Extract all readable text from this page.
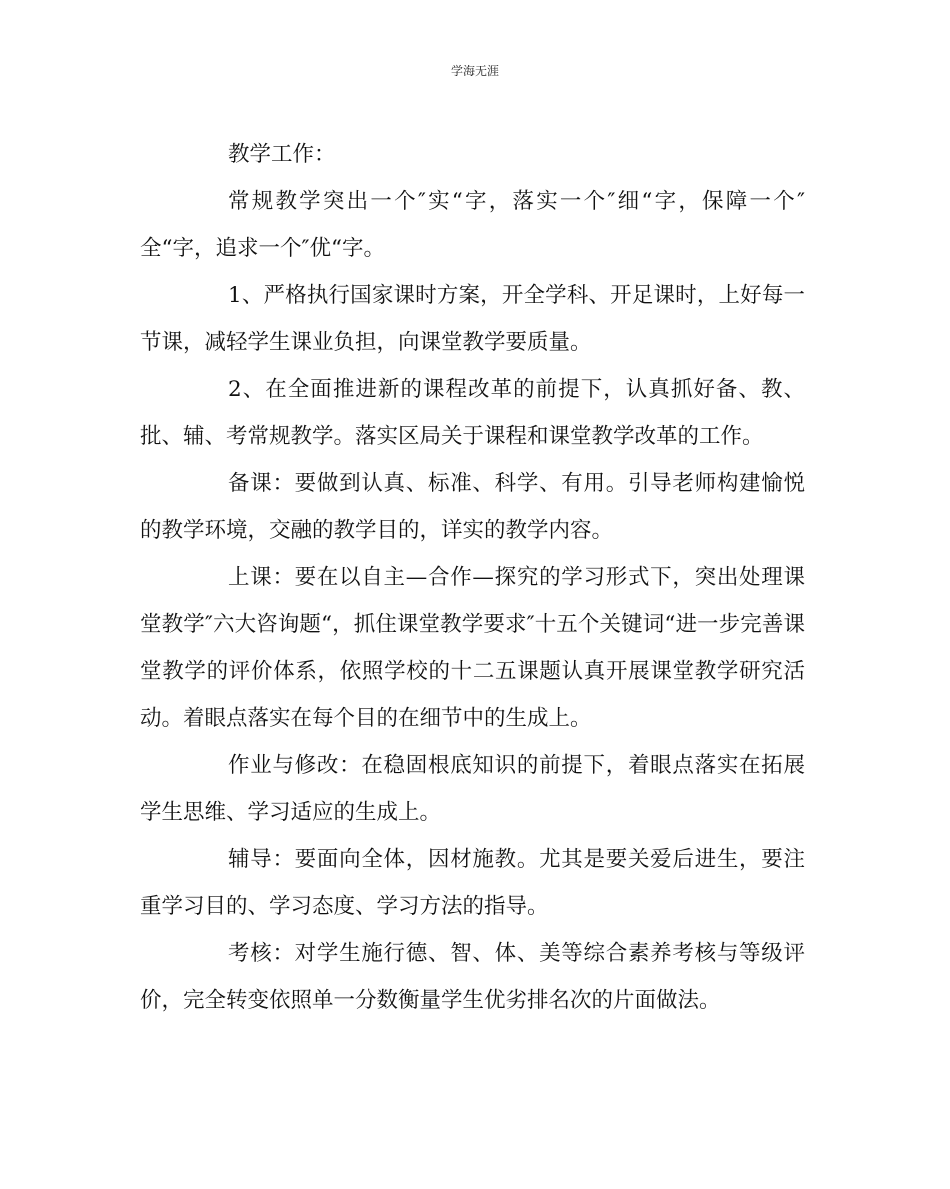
学海无涯

教学工作：

常规教学突出一个″实“字，落实一个″细“字，保障一个″全“字，追求一个″优“字。

1、严格执行国家课时方案，开全学科、开足课时，上好每一节课，减轻学生课业负担，向课堂教学要质量。

2、在全面推进新的课程改革的前提下，认真抓好备、教、批、辅、考常规教学。落实区局关于课程和课堂教学改革的工作。

备课：要做到认真、标准、科学、有用。引导老师构建愉悦的教学环境，交融的教学目的，详实的教学内容。

上课：要在以自主—合作—探究的学习形式下，突出处理课堂教学″六大咨询题“，抓住课堂教学要求″十五个关键词“进一步完善课堂教学的评价体系，依照学校的十二五课题认真开展课堂教学研究活动。着眼点落实在每个目的在细节中的生成上。

作业与修改：在稳固根底知识的前提下，着眼点落实在拓展学生思维、学习适应的生成上。

辅导：要面向全体，因材施教。尤其是要关爱后进生，要注重学习目的、学习态度、学习方法的指导。

考核：对学生施行德、智、体、美等综合素养考核与等级评价，完全转变依照单一分数衡量学生优劣排名次的片面做法。
